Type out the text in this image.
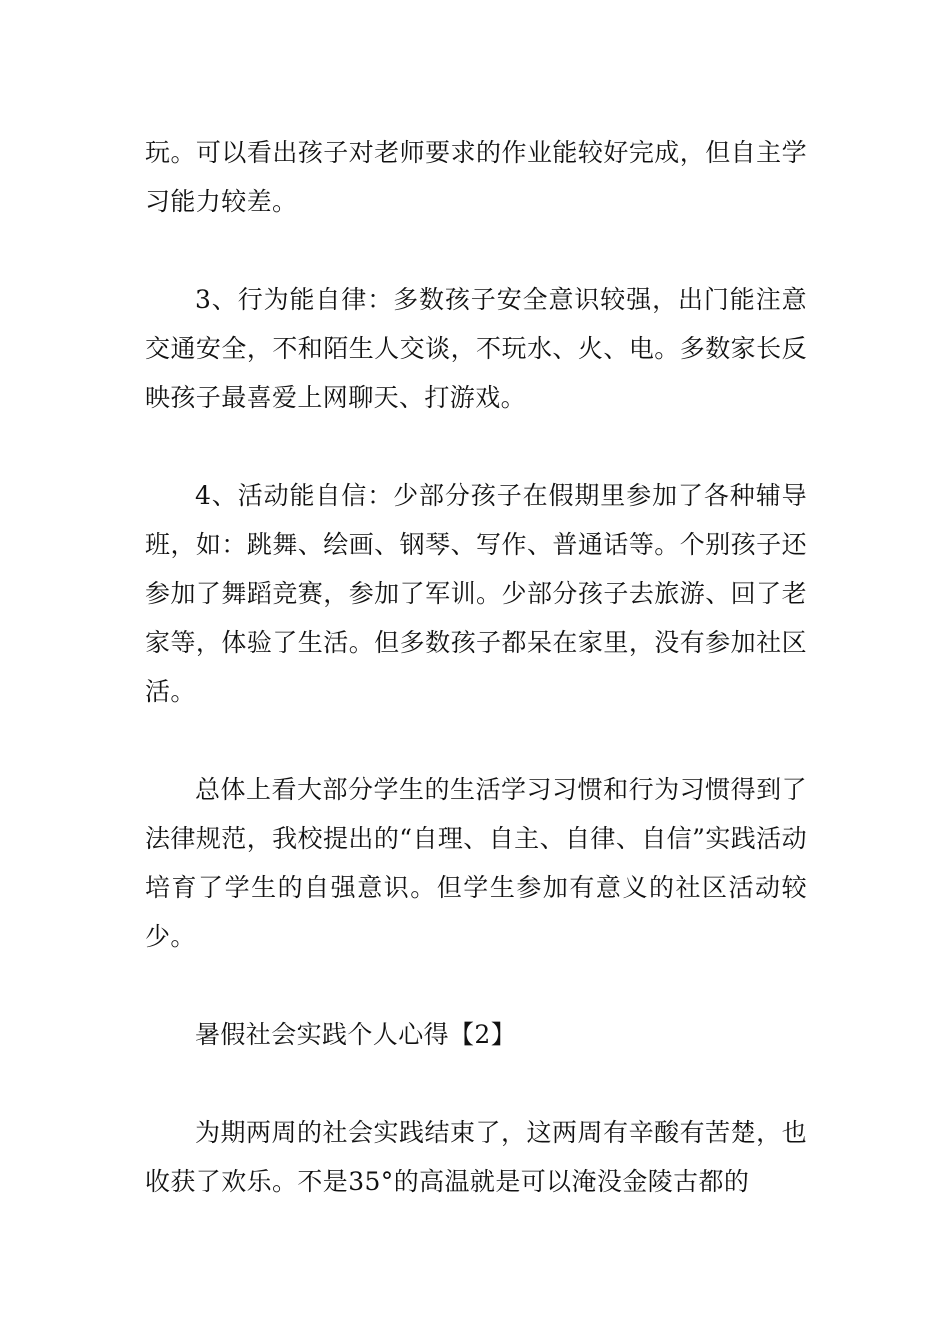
玩。可以看出孩子对老师要求的作业能较好完成，但自主学习能力较差。

3、行为能自律：多数孩子安全意识较强，出门能注意交通安全，不和陌生人交谈，不玩水、火、电。多数家长反映孩子最喜爱上网聊天、打游戏。

4、活动能自信：少部分孩子在假期里参加了各种辅导班，如：跳舞、绘画、钢琴、写作、普通话等。个别孩子还参加了舞蹈竞赛，参加了军训。少部分孩子去旅游、回了老家等，体验了生活。但多数孩子都呆在家里，没有参加社区活。

总体上看大部分学生的生活学习习惯和行为习惯得到了法律规范，我校提出的“自理、自主、自律、自信”实践活动培育了学生的自强意识。但学生参加有意义的社区活动较少。

暑假社会实践个人心得【2】

为期两周的社会实践结束了，这两周有辛酸有苦楚，也收获了欢乐。不是35°的高温就是可以淹没金陵古都的
